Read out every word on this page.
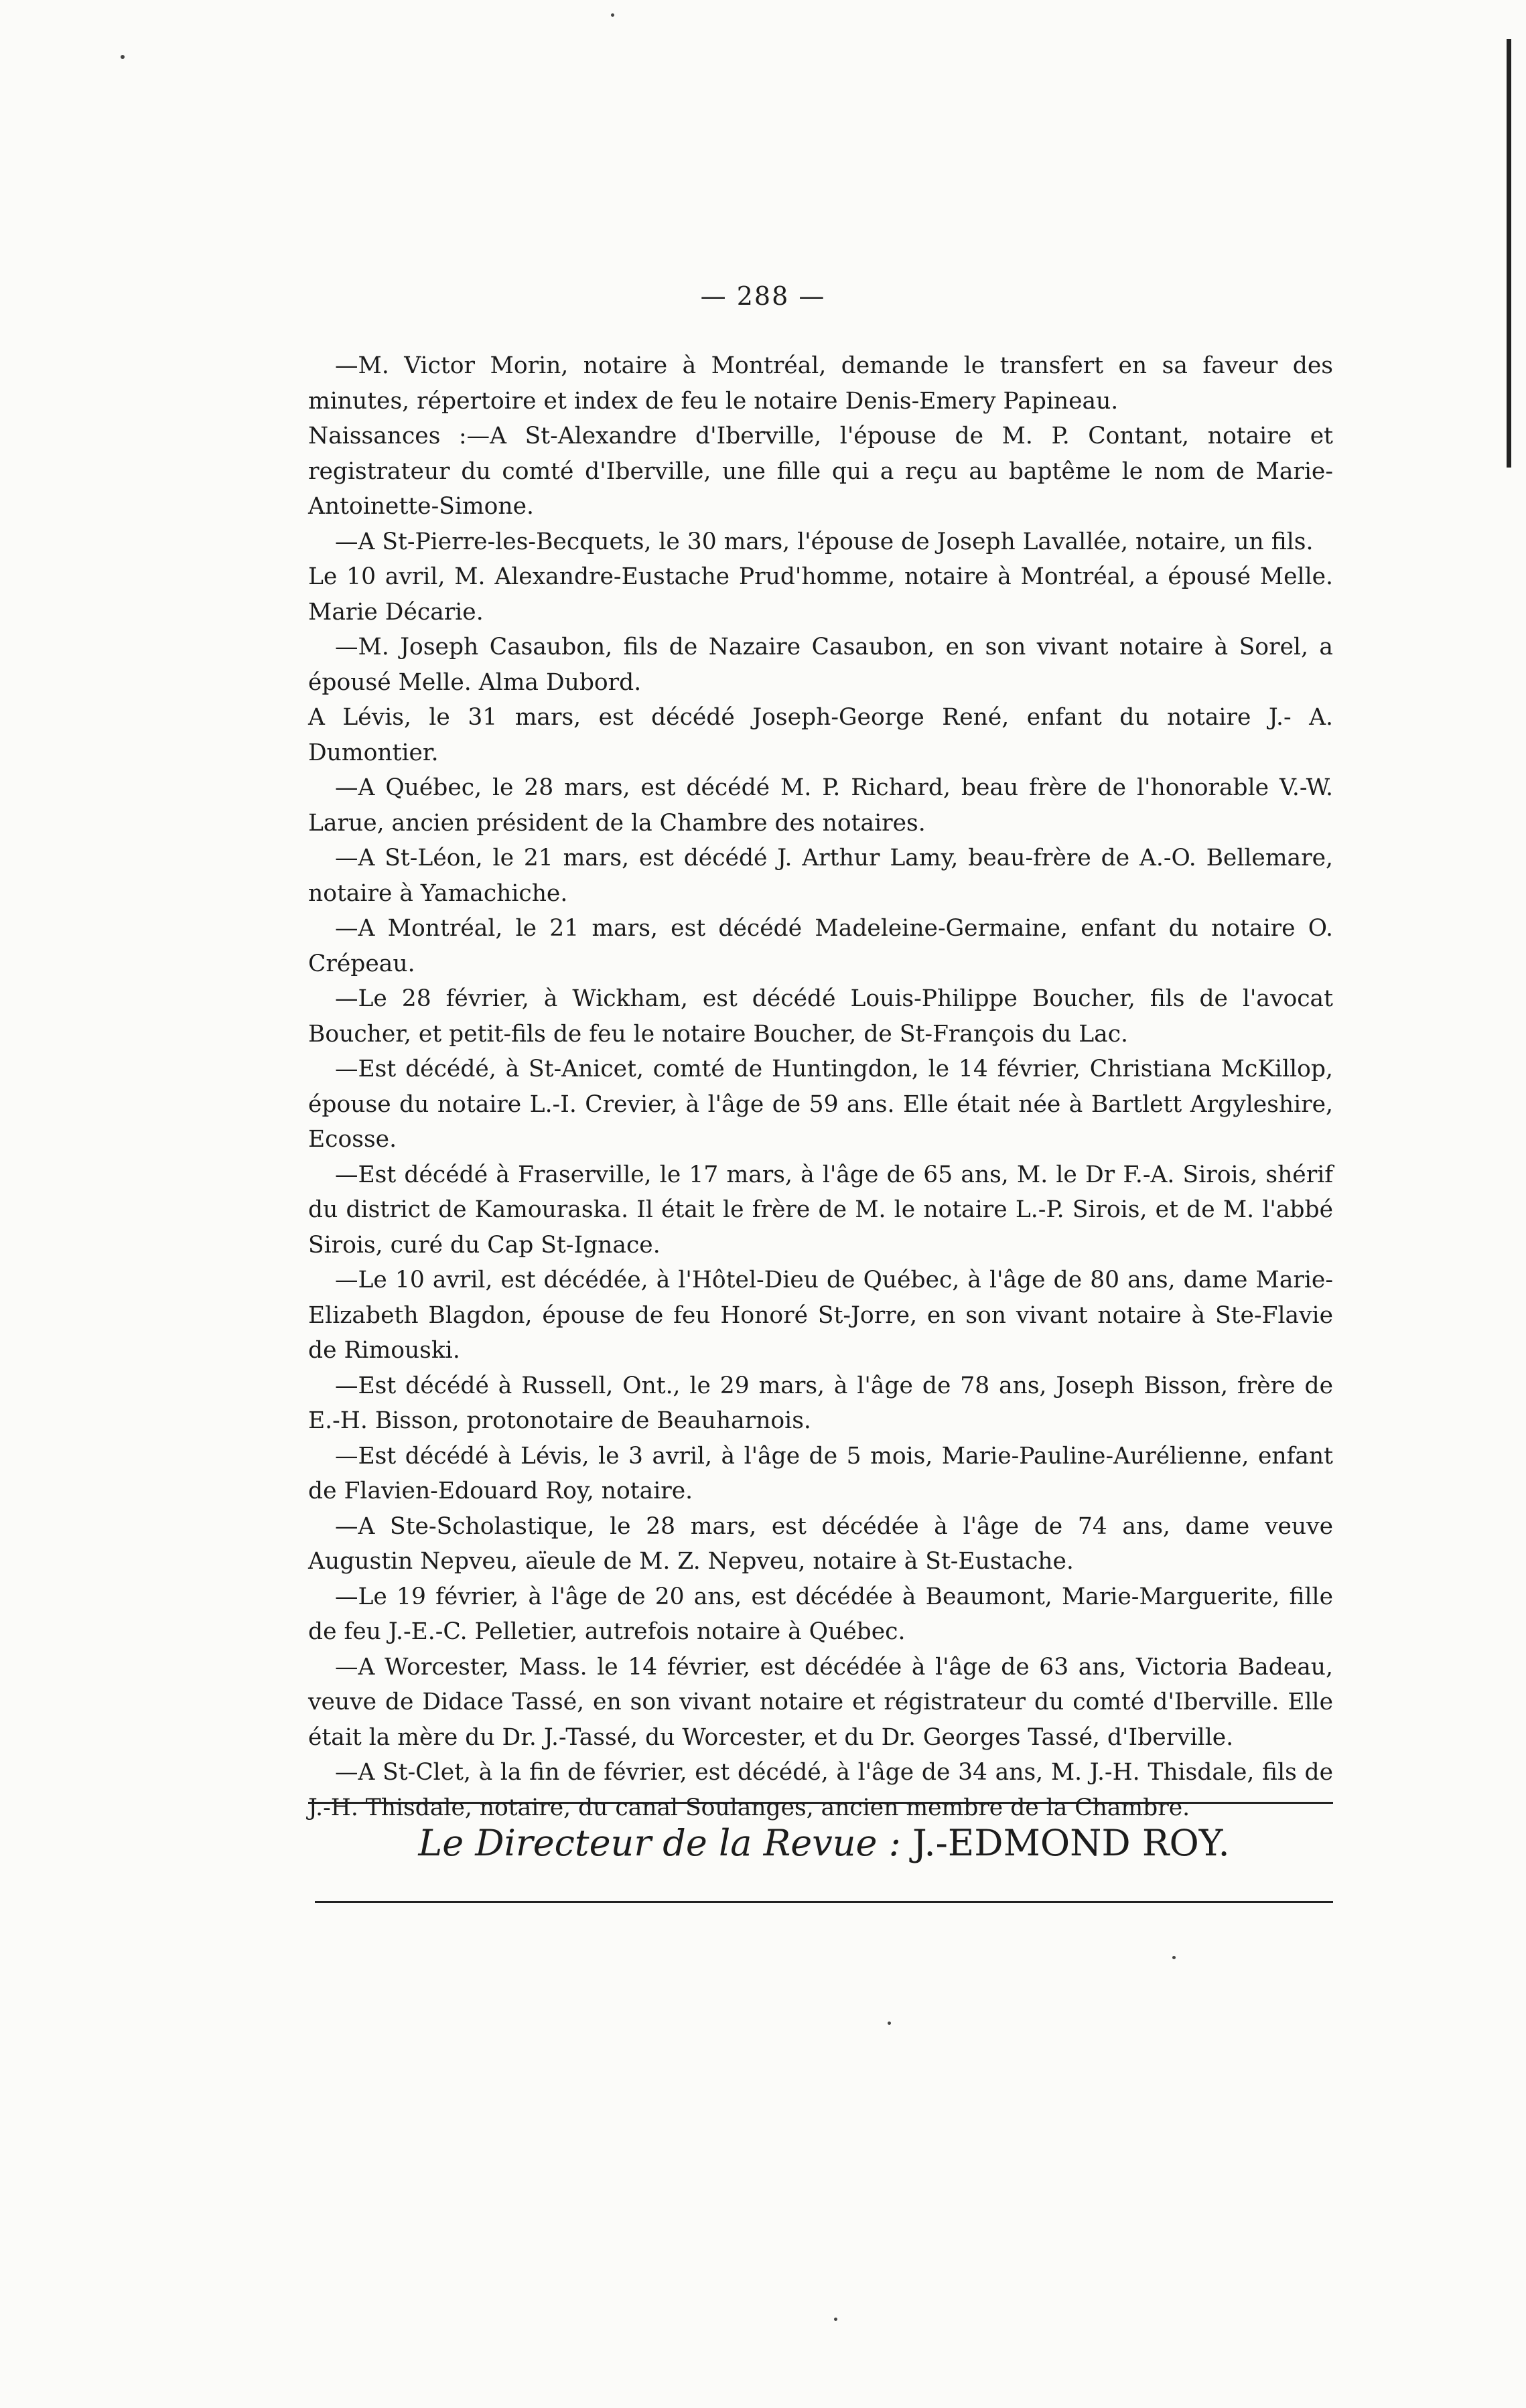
— 288 —

—M. Victor Morin, notaire à Montréal, demande le transfert en sa faveur des minutes, répertoire et index de feu le notaire Denis-Emery Papineau.

Naissances :—A St-Alexandre d'Iberville, l'épouse de M. P. Contant, notaire et registrateur du comté d'Iberville, une fille qui a reçu au baptême le nom de Marie-Antoinette-Simone.

—A St-Pierre-les-Becquets, le 30 mars, l'épouse de Joseph Lavallée, notaire, un fils.

Le 10 avril, M. Alexandre-Eustache Prud'homme, notaire à Montréal, a épousé Melle. Marie Décarie.

—M. Joseph Casaubon, fils de Nazaire Casaubon, en son vivant notaire à Sorel, a épousé Melle. Alma Dubord.

A Lévis, le 31 mars, est décédé Joseph-George René, enfant du notaire J.- A. Dumontier.

—A Québec, le 28 mars, est décédé M. P. Richard, beau frère de l'honorable V.-W. Larue, ancien président de la Chambre des notaires.

—A St-Léon, le 21 mars, est décédé J. Arthur Lamy, beau-frère de A.-O. Bellemare, notaire à Yamachiche.

—A Montréal, le 21 mars, est décédé Madeleine-Germaine, enfant du notaire O. Crépeau.

—Le 28 février, à Wickham, est décédé Louis-Philippe Boucher, fils de l'avocat Boucher, et petit-fils de feu le notaire Boucher, de St-François du Lac.

—Est décédé, à St-Anicet, comté de Huntingdon, le 14 février, Christiana McKillop, épouse du notaire L.-I. Crevier, à l'âge de 59 ans. Elle était née à Bartlett Argyleshire, Ecosse.

—Est décédé à Fraserville, le 17 mars, à l'âge de 65 ans, M. le Dr F.-A. Sirois, shérif du district de Kamouraska. Il était le frère de M. le notaire L.-P. Sirois, et de M. l'abbé Sirois, curé du Cap St-Ignace.

—Le 10 avril, est décédée, à l'Hôtel-Dieu de Québec, à l'âge de 80 ans, dame Marie-Elizabeth Blagdon, épouse de feu Honoré St-Jorre, en son vivant notaire à Ste-Flavie de Rimouski.

—Est décédé à Russell, Ont., le 29 mars, à l'âge de 78 ans, Joseph Bisson, frère de E.-H. Bisson, protonotaire de Beauharnois.

—Est décédé à Lévis, le 3 avril, à l'âge de 5 mois, Marie-Pauline-Aurélienne, enfant de Flavien-Edouard Roy, notaire.

—A Ste-Scholastique, le 28 mars, est décédée à l'âge de 74 ans, dame veuve Augustin Nepveu, aïeule de M. Z. Nepveu, notaire à St-Eustache.

—Le 19 février, à l'âge de 20 ans, est décédée à Beaumont, Marie-Marguerite, fille de feu J.-E.-C. Pelletier, autrefois notaire à Québec.

—A Worcester, Mass. le 14 février, est décédée à l'âge de 63 ans, Victoria Badeau, veuve de Didace Tassé, en son vivant notaire et régistrateur du comté d'Iberville. Elle était la mère du Dr. J.-Tassé, du Worcester, et du Dr. Georges Tassé, d'Iberville.

—A St-Clet, à la fin de février, est décédé, à l'âge de 34 ans, M. J.-H. Thisdale, fils de J.-H. Thisdale, notaire, du canal Soulanges, ancien membre de la Chambre.

Le Directeur de la Revue : J.-EDMOND ROY.
